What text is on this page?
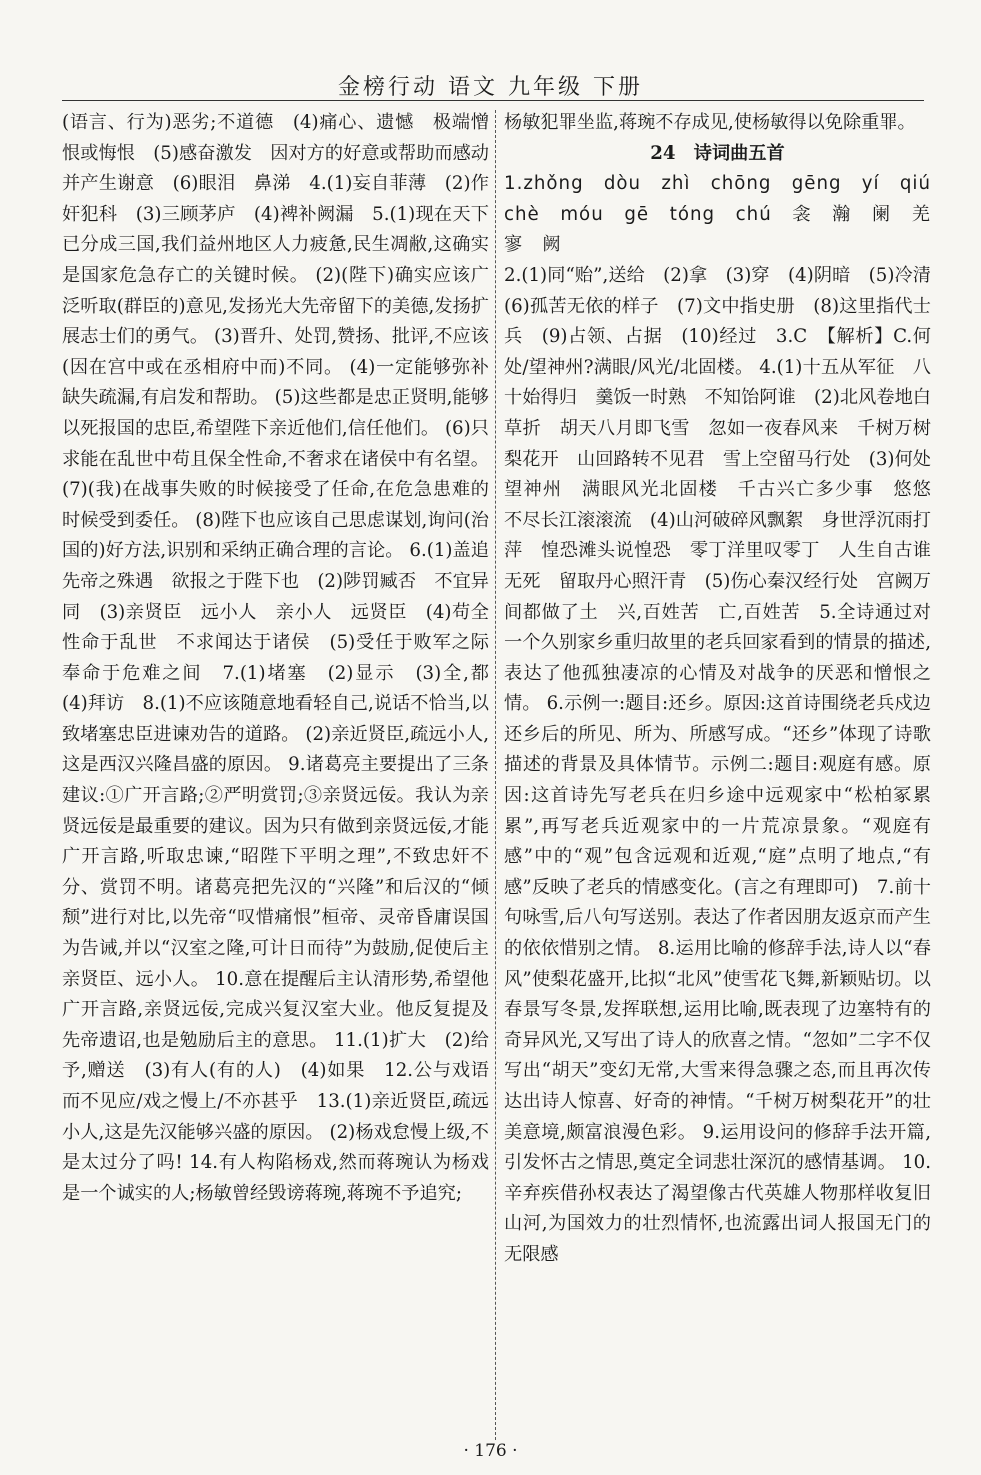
金榜行动 语文 九年级 下册

(语言、行为)恶劣;不道德　(4)痛心、遗憾　极端憎恨或悔恨　(5)感奋激发　因对方的好意或帮助而感动并产生谢意　(6)眼泪　鼻涕　4.(1)妄自菲薄　(2)作奸犯科　(3)三顾茅庐　(4)裨补阙漏　5.(1)现在天下已分成三国,我们益州地区人力疲惫,民生凋敝,这确实是国家危急存亡的关键时候。 (2)(陛下)确实应该广泛听取(群臣的)意见,发扬光大先帝留下的美德,发扬扩展志士们的勇气。 (3)晋升、处罚,赞扬、批评,不应该(因在宫中或在丞相府中而)不同。 (4)一定能够弥补缺失疏漏,有启发和帮助。 (5)这些都是忠正贤明,能够以死报国的忠臣,希望陛下亲近他们,信任他们。 (6)只求能在乱世中苟且保全性命,不奢求在诸侯中有名望。 (7)(我)在战事失败的时候接受了任命,在危急患难的时候受到委任。 (8)陛下也应该自己思虑谋划,询问(治国的)好方法,识别和采纳正确合理的言论。 6.(1)盖追先帝之殊遇　欲报之于陛下也　(2)陟罚臧否　不宜异同　(3)亲贤臣　远小人　亲小人　远贤臣　(4)苟全性命于乱世　不求闻达于诸侯　(5)受任于败军之际　奉命于危难之间　7.(1)堵塞　(2)显示　(3)全,都　(4)拜访　8.(1)不应该随意地看轻自己,说话不恰当,以致堵塞忠臣进谏劝告的道路。 (2)亲近贤臣,疏远小人,这是西汉兴隆昌盛的原因。 9.诸葛亮主要提出了三条建议:①广开言路;②严明赏罚;③亲贤远佞。我认为亲贤远佞是最重要的建议。因为只有做到亲贤远佞,才能广开言路,听取忠谏,“昭陛下平明之理”,不致忠奸不分、赏罚不明。诸葛亮把先汉的“兴隆”和后汉的“倾颓”进行对比,以先帝“叹惜痛恨”桓帝、灵帝昏庸误国为告诫,并以“汉室之隆,可计日而待”为鼓励,促使后主亲贤臣、远小人。 10.意在提醒后主认清形势,希望他广开言路,亲贤远佞,完成兴复汉室大业。他反复提及先帝遗诏,也是勉励后主的意思。 11.(1)扩大　(2)给予,赠送　(3)有人(有的人)　(4)如果　12.公与戏语而不见应/戏之慢上/不亦甚乎　13.(1)亲近贤臣,疏远小人,这是先汉能够兴盛的原因。 (2)杨戏怠慢上级,不是太过分了吗! 14.有人构陷杨戏,然而蒋琬认为杨戏是一个诚实的人;杨敏曾经毁谤蒋琬,蒋琬不予追究;

杨敏犯罪坐监,蒋琬不存成见,使杨敏得以免除重罪。

24　诗词曲五首

1.zhǒng　dòu　zhì　chōng　gēng　yí　qiú　chè　móu　gē　tóng　chú　衾　瀚　阑　羌　寥　阙

2.(1)同“贻”,送给　(2)拿　(3)穿　(4)阴暗　(5)冷清　(6)孤苦无依的样子　(7)文中指史册　(8)这里指代士兵　(9)占领、占据　(10)经过　3.C　【解析】C.何处/望神州?满眼/风光/北固楼。 4.(1)十五从军征　八十始得归　羹饭一时熟　不知饴阿谁　(2)北风卷地白草折　胡天八月即飞雪　忽如一夜春风来　千树万树梨花开　山回路转不见君　雪上空留马行处　(3)何处望神州　满眼风光北固楼　千古兴亡多少事　悠悠　不尽长江滚滚流　(4)山河破碎风飘絮　身世浮沉雨打萍　惶恐滩头说惶恐　零丁洋里叹零丁　人生自古谁无死　留取丹心照汗青　(5)伤心秦汉经行处　宫阙万间都做了土　兴,百姓苦　亡,百姓苦　5.全诗通过对一个久别家乡重归故里的老兵回家看到的情景的描述,表达了他孤独凄凉的心情及对战争的厌恶和憎恨之情。 6.示例一:题目:还乡。原因:这首诗围绕老兵戍边还乡后的所见、所为、所感写成。“还乡”体现了诗歌描述的背景及具体情节。示例二:题目:观庭有感。原因:这首诗先写老兵在归乡途中远观家中“松柏冢累累”,再写老兵近观家中的一片荒凉景象。“观庭有感”中的“观”包含远观和近观,“庭”点明了地点,“有感”反映了老兵的情感变化。(言之有理即可)　7.前十句咏雪,后八句写送别。表达了作者因朋友返京而产生的依依惜别之情。 8.运用比喻的修辞手法,诗人以“春风”使梨花盛开,比拟“北风”使雪花飞舞,新颖贴切。以春景写冬景,发挥联想,运用比喻,既表现了边塞特有的奇异风光,又写出了诗人的欣喜之情。“忽如”二字不仅写出“胡天”变幻无常,大雪来得急骤之态,而且再次传达出诗人惊喜、好奇的神情。“千树万树梨花开”的壮美意境,颇富浪漫色彩。 9.运用设问的修辞手法开篇,引发怀古之情思,奠定全词悲壮深沉的感情基调。 10.辛弃疾借孙权表达了渴望像古代英雄人物那样收复旧山河,为国效力的壮烈情怀,也流露出词人报国无门的无限感

· 176 ·
